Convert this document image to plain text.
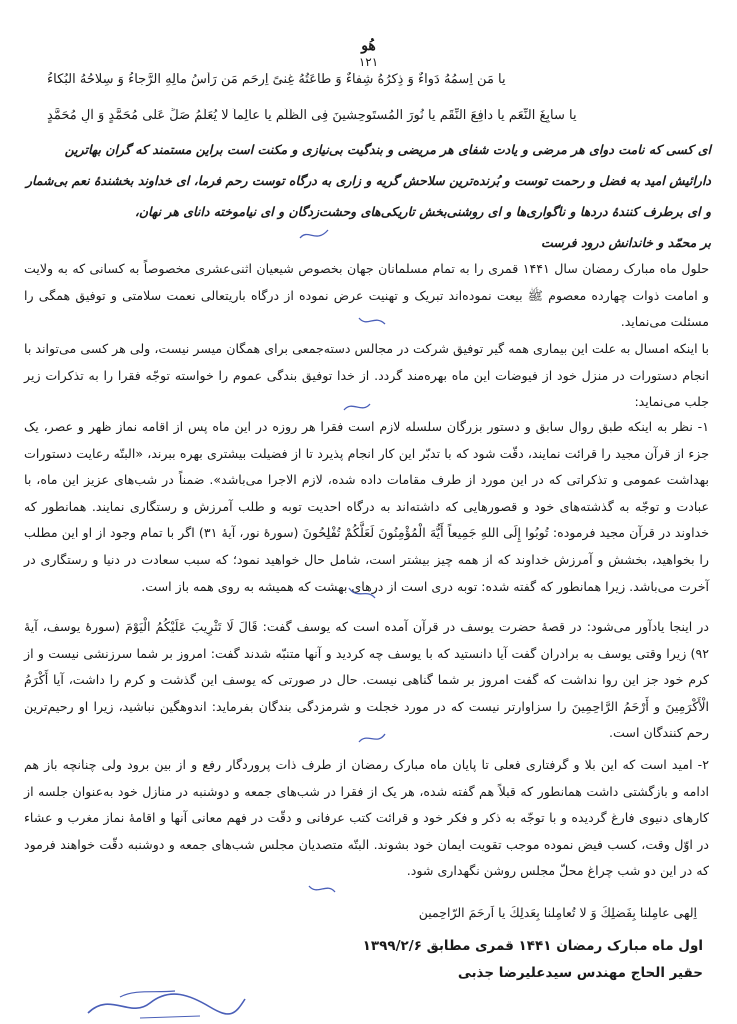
هُو
۱۲۱
یا مَن اِسمُهُ دَواءٌ وَ ذِکرُهُ شِفاءٌ وَ طاعَتُهُ غِنیً اِرحَم مَن رَأسُ مالِهِ الرَّجاءُ وَ سِلاحُهُ البُکاءُ
یا سابِغَ النِّعَمِ یا دافِعَ النِّقَمِ یا نُورَ المُستَوحِشینَ فِی الظُّلَمِ یا عالِماً لا یُعَلَّمُ صَلِّ عَلی مُحَمَّدٍ وَ آلِ مُحَمَّدٍ
ای کسی که نامت دوای هر مرضی و یادت شفای هر مریضی و بندگیت بی‌نیازی و مکنت است براین مستمند که گران بهاترین
دارائیش امید به فضل و رحمت توست و بُرنده‌ترین سلاحش گریه و زاری به درگاه توست رحم فرما، ای خداوند بخشندهٔ نعم بی‌شمار
و ای برطرف کنندهٔ دردها و ناگواری‌ها و ای روشنی‌بخش تاریکی‌های وحشت‌زدگان و ای نیاموخته دانای هر نهان،
بر محمّد و خاندانش درود فرست
حلول ماه مبارک رمضان سال ۱۴۴۱ قمری را به تمام مسلمانان جهان بخصوص شیعیان اثنی‌عشری مخصوصاً به کسانی که به ولایت و امامت ذوات چهارده معصوم ﷺ بیعت نموده‌اند تبریک و تهنیت عرض نموده از درگاه باریتعالی نعمت سلامتی و توفیق همگی را مسئلت می‌نماید.
با اینکه امسال به علت این بیماری همه گیر توفیق شرکت در مجالس دسته‌جمعی برای همگان میسر نیست، ولی هر کسی می‌تواند با انجام دستورات در منزل خود از فیوضات این ماه بهره‌مند گردد. از خدا توفیق بندگی عموم را خواسته توجّه فقرا را به تذکرات زیر جلب می‌نماید:
۱- نظر به اینکه طبق روال سابق و دستور بزرگان سلسله لازم است فقرا هر روزه در این ماه پس از اقامه نماز ظهر و عصر، یک جزء از قرآن مجید را قرائت نمایند، دقّت شود که با تدبّر این کار انجام پذیرد تا از فضیلت بیشتری بهره ببرند، «البتّه رعایت دستورات بهداشت عمومی و تذکراتی که در این مورد از طرف مقامات داده شده، لازم الاجرا می‌باشد». ضمناً در شب‌های عزیز این ماه، با عبادت و توجّه به گذشته‌های خود و قصورهایی که داشته‌اند به درگاه احدیت توبه و طلب آمرزش و رستگاری نمایند. همانطور که خداوند در قرآن مجید فرموده: تُوبُوا إِلَى اللهِ جَمِيعاً أَيُّهَ الْمُؤْمِنُونَ لَعَلَّكُمْ تُفْلِحُونَ (سورهٔ نور، آیهٔ ۳۱) اگر با تمام وجود از او این مطلب را بخواهید، بخشش و آمرزش خداوند که از همه چیز بیشتر است، شامل حال خواهید نمود؛ که سبب سعادت در دنیا و رستگاری در آخرت می‌باشد. زیرا همانطور که گفته شده: توبه دری است از درهای بهشت که همیشه به روی همه باز است.
در اینجا یادآور می‌شود: در قصهٔ حضرت یوسف در قرآن آمده است که یوسف گفت: قَالَ لَا تَثْرِيبَ عَلَيْكُمُ الْيَوْمَ (سورهٔ یوسف، آیهٔ ۹۲) زیرا وقتی یوسف به برادران گفت آیا دانستید که با یوسف چه کردید و آنها متنبّه شدند گفت: امروز بر شما سرزنشی نیست و از کرم خود جز این روا نداشت که گفت امروز بر شما گناهی نیست. حال در صورتی که یوسف این گذشت و کرم را داشت، آیا أَكْرَمُ الْأَكْرَمِينَ و أَرْحَمُ الرَّاحِمِينَ را سزاوارتر نیست که در مورد خجلت و شرمزدگی بندگان بفرماید: اندوهگین نباشید، زیرا او رحیم‌ترین رحم کنندگان است.
۲- امید است که این بلا و گرفتاری فعلی تا پایان ماه مبارک رمضان از طرف ذات پروردگار رفع و از بین برود ولی چنانچه باز هم ادامه و بازگشتی داشت همانطور که قبلاً هم گفته شده، هر یک از فقرا در شب‌های جمعه و دوشنبه در منازل خود به‌عنوان جلسه از کارهای دنیوی فارغ گردیده و با توجّه به ذکر و فکر خود و قرائت کتب عرفانی و دقّت در فهم معانی آنها و اقامهٔ نماز مغرب و عشاء در اوّل وقت، کسب فیض نموده موجب تقویت ایمان خود بشوند. البتّه متصدیان مجلس شب‌های جمعه و دوشنبه دقّت خواهند فرمود که در این دو شب چراغ محلّ مجلس روشن نگهداری شود.
اِلهی عامِلنا بِفَضلِكَ وَ لا تُعامِلنا بِعَدلِكَ یا اَرحَمَ الرّاحِمین
اول ماه مبارک رمضان ۱۴۴۱ قمری مطابق ۱۳۹۹/۲/۶
حقیر الحاج مهندس سیدعلیرضا جذبی
